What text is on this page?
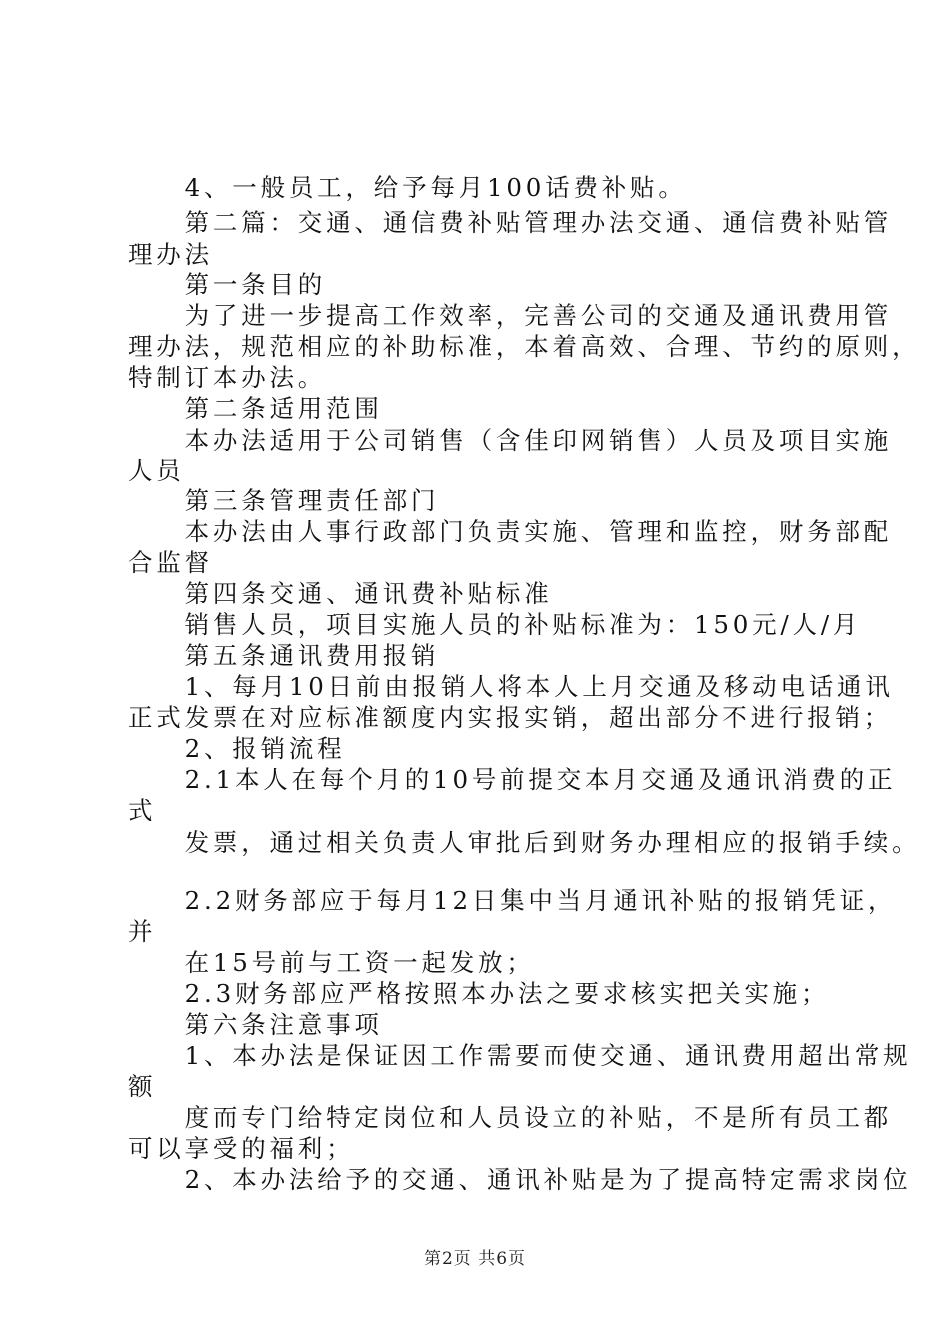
　　4、一般员工，给予每月100话费补贴。
　　第二篇：交通、通信费补贴管理办法交通、通信费补贴管
理办法
　　第一条目的
　　为了进一步提高工作效率，完善公司的交通及通讯费用管
理办法，规范相应的补助标准，本着高效、合理、节约的原则，
特制订本办法。
　　第二条适用范围
　　本办法适用于公司销售（含佳印网销售）人员及项目实施
人员
　　第三条管理责任部门
　　本办法由人事行政部门负责实施、管理和监控，财务部配
合监督
　　第四条交通、通讯费补贴标准
　　销售人员，项目实施人员的补贴标准为：150元/人/月
　　第五条通讯费用报销
　　1、每月10日前由报销人将本人上月交通及移动电话通讯
正式发票在对应标准额度内实报实销，超出部分不进行报销；
　　2、报销流程
　　2.1本人在每个月的10号前提交本月交通及通讯消费的正
式
　　发票，通过相关负责人审批后到财务办理相应的报销手续。
　　2.2财务部应于每月12日集中当月通讯补贴的报销凭证，
并
　　在15号前与工资一起发放；
　　2.3财务部应严格按照本办法之要求核实把关实施；
　　第六条注意事项
　　1、本办法是保证因工作需要而使交通、通讯费用超出常规
额
　　度而专门给特定岗位和人员设立的补贴，不是所有员工都
可以享受的福利；
　　2、本办法给予的交通、通讯补贴是为了提高特定需求岗位
第2页 共6页
